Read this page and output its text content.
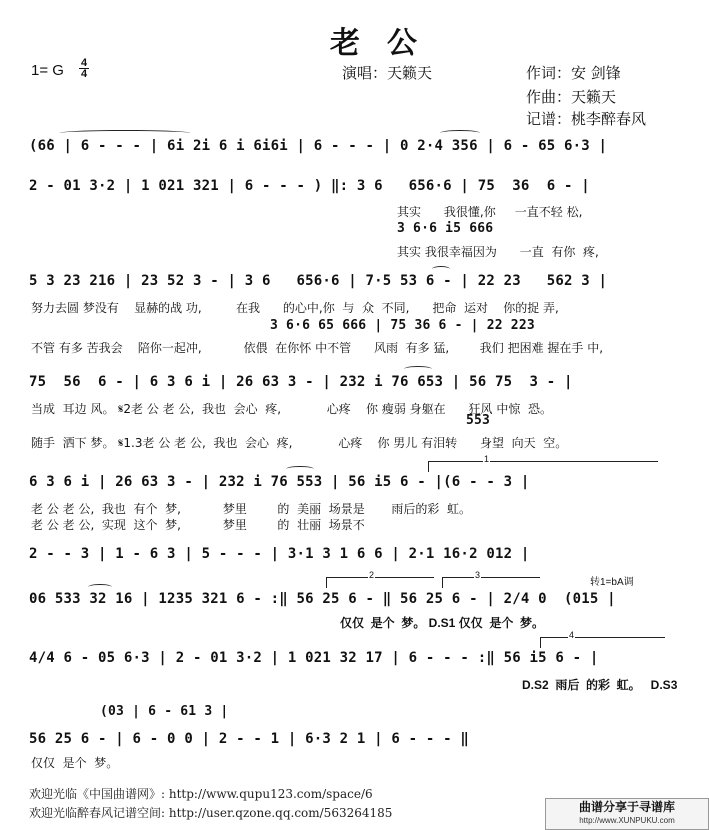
老  公
1= G $\frac{4}{4}$	演唱：天籁天	作词：安 剑锋
作曲：天籁天
记谱：桃李醉春风
(6̇6 | 6 - - - | 6i 2i 6 i 6i6i | 6 - - - | 0 2·4 356 | 6 - 65 6·3 |
2 - 01 3·2 | 1 021 321 | 6 - - - ) ‖: 3 6   656·6 | 75  36  6 - |
其实      我很懂,你     一直不轻 松,
3 6·6 i5 666
其实 我很幸福因为      一直  有你  疼,
5 3 23 216 | 23 52 3 - | 3 6   656·6 | 7·5 53 6 - | 22 23   562 3 |
努力去圆 梦没有    显赫的战 功,         在我      的心中,你  与  众  不同,      把命  运对    你的捉 弄,
3 6·6 65 666 | 75 36 6 - | 22 223
不管 有多 苦我会    陪你一起冲,           依偎  在你怀 中不管      风雨  有多 猛,        我们 把困难 握在手 中,
75  56  6 - | 6 3 6 i | 26 63 3 - | 232 i 76 653 | 56 75  3 - |
当成  耳边 风。 𝄋2老 公 老 公,  我也  会心  疼,            心疼    你 瘦弱 身躯在      狂风 中惊  恐。
553
随手  洒下 梦。 𝄋1.3老 公 老 公,  我也  会心  疼,            心疼    你 男儿 有泪转      身望  向天  空。
1
6 3 6 i | 26 63 3 - | 232 i 76 553 | 56 i5 6 - |(6 - - 3 |
老 公 老 公,  我也  有个  梦,           梦里        的  美丽  场景是       雨后的彩  虹。
老 公 老 公,  实现  这个  梦,           梦里        的  壮丽  场景不
2 - - 3 | 1 - 6 3 | 5 - - - | 3·1 3 1 6 6 | 2·1 16·2 012 |
2	3
转1=bA调
06 533 32 16 | 1235 321 6 - :‖ 56 25 6 - ‖ 56 25 6 - | 2/4 0  (015 |
仅仅  是个  梦。 D.S1 仅仅  是个  梦。
4
4/4 6 - 05 6·3 | 2 - 01 3·2 | 1 021 32 17 | 6 - - - :‖ 56 i5 6 - |
D.S2  雨后  的彩  虹。   D.S3
(03 | 6 - 61 3 |
56 25 6 - | 6 - 0 0 | 2 - - 1 | 6·3 2 1 | 6 - - - ‖
仅仅  是个  梦。
欢迎光临《中国曲谱网》: http://www.qupu123.com/space/6
欢迎光临醉春风记谱空间: http://user.qzone.qq.com/563264185	曲谱分享于寻谱库
http://www.XUNPUKU.com
